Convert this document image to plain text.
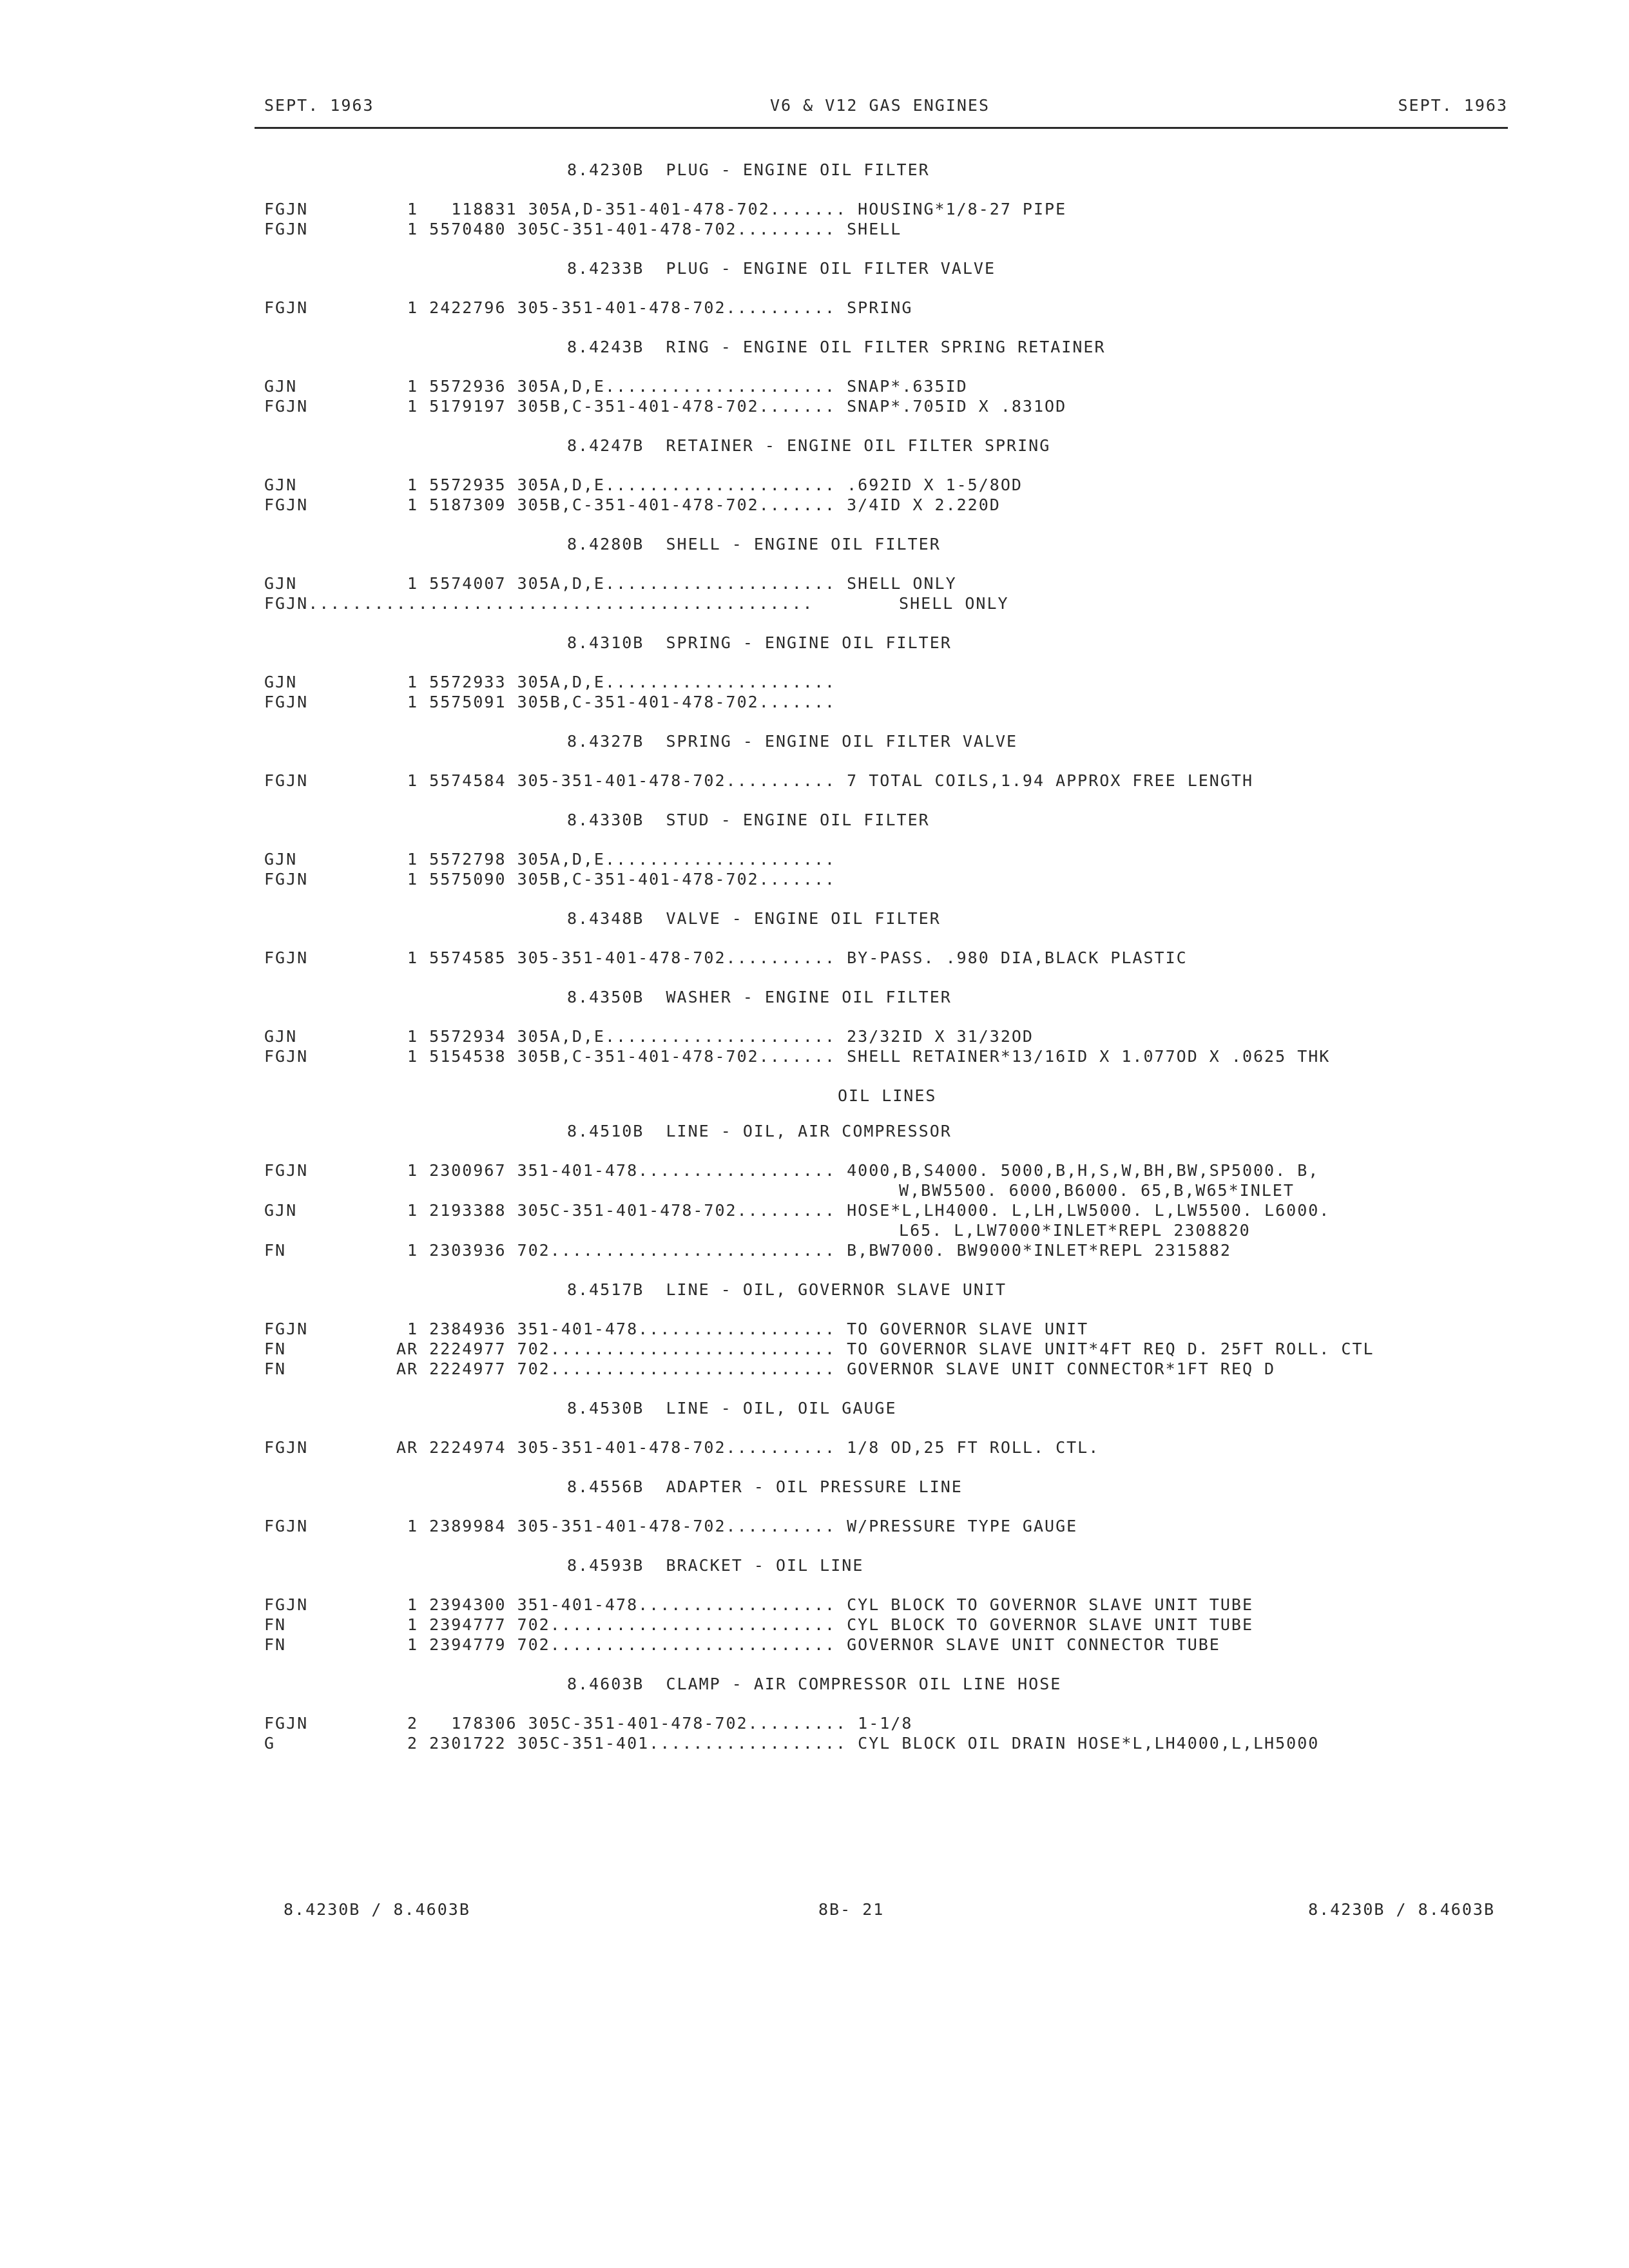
SEPT. 1963

	V6 & V12 GAS ENGINES

	SEPT. 1963

8.4230B  PLUG - ENGINE OIL FILTER
FGJN	1   118831 305A,D-351-401-478-702....... HOUSING*1/8-27 PIPE
FGJN	1 5570480 305C-351-401-478-702......... SHELL
8.4233B  PLUG - ENGINE OIL FILTER VALVE
FGJN	1 2422796 305-351-401-478-702.......... SPRING
8.4243B  RING - ENGINE OIL FILTER SPRING RETAINER
GJN	1 5572936 305A,D,E..................... SNAP*.635ID
FGJN	1 5179197 305B,C-351-401-478-702....... SNAP*.705ID X .831OD
8.4247B  RETAINER - ENGINE OIL FILTER SPRING
GJN	1 5572935 305A,D,E..................... .692ID X 1-5/8OD
FGJN	1 5187309 305B,C-351-401-478-702....... 3/4ID X 2.220D
8.4280B  SHELL - ENGINE OIL FILTER
GJN	1 5574007 305A,D,E..................... SHELL ONLY
FGJN..............................................	SHELL ONLY
8.4310B  SPRING - ENGINE OIL FILTER
GJN	1 5572933 305A,D,E.....................
FGJN	1 5575091 305B,C-351-401-478-702.......
8.4327B  SPRING - ENGINE OIL FILTER VALVE
FGJN	1 5574584 305-351-401-478-702.......... 7 TOTAL COILS,1.94 APPROX FREE LENGTH
8.4330B  STUD - ENGINE OIL FILTER
GJN	1 5572798 305A,D,E.....................
FGJN	1 5575090 305B,C-351-401-478-702.......
8.4348B  VALVE - ENGINE OIL FILTER
FGJN	1 5574585 305-351-401-478-702.......... BY-PASS. .980 DIA,BLACK PLASTIC
8.4350B  WASHER - ENGINE OIL FILTER
GJN	1 5572934 305A,D,E..................... 23/32ID X 31/32OD
FGJN	1 5154538 305B,C-351-401-478-702....... SHELL RETAINER*13/16ID X 1.077OD X .0625 THK
OIL LINES
8.4510B  LINE - OIL, AIR COMPRESSOR
FGJN	1 2300967 351-401-478.................. 4000,B,S4000. 5000,B,H,S,W,BH,BW,SP5000. B,
W,BW5500. 6000,B6000. 65,B,W65*INLET
GJN	1 2193388 305C-351-401-478-702......... HOSE*L,LH4000. L,LH,LW5000. L,LW5500. L6000.
L65. L,LW7000*INLET*REPL 2308820
FN	1 2303936 702.......................... B,BW7000. BW9000*INLET*REPL 2315882
8.4517B  LINE - OIL, GOVERNOR SLAVE UNIT
FGJN	1 2384936 351-401-478.................. TO GOVERNOR SLAVE UNIT
FN	AR 2224977 702.......................... TO GOVERNOR SLAVE UNIT*4FT REQ D. 25FT ROLL. CTL
FN	AR 2224977 702.......................... GOVERNOR SLAVE UNIT CONNECTOR*1FT REQ D
8.4530B  LINE - OIL, OIL GAUGE
FGJN	AR 2224974 305-351-401-478-702.......... 1/8 OD,25 FT ROLL. CTL.
8.4556B  ADAPTER - OIL PRESSURE LINE
FGJN	1 2389984 305-351-401-478-702.......... W/PRESSURE TYPE GAUGE
8.4593B  BRACKET - OIL LINE
FGJN	1 2394300 351-401-478.................. CYL BLOCK TO GOVERNOR SLAVE UNIT TUBE
FN	1 2394777 702.......................... CYL BLOCK TO GOVERNOR SLAVE UNIT TUBE
FN	1 2394779 702.......................... GOVERNOR SLAVE UNIT CONNECTOR TUBE
8.4603B  CLAMP - AIR COMPRESSOR OIL LINE HOSE
FGJN	2   178306 305C-351-401-478-702......... 1-1/8
G	2 2301722 305C-351-401.................. CYL BLOCK OIL DRAIN HOSE*L,LH4000,L,LH5000

8.4230B / 8.4603B

	8B- 21

	8.4230B / 8.4603B
